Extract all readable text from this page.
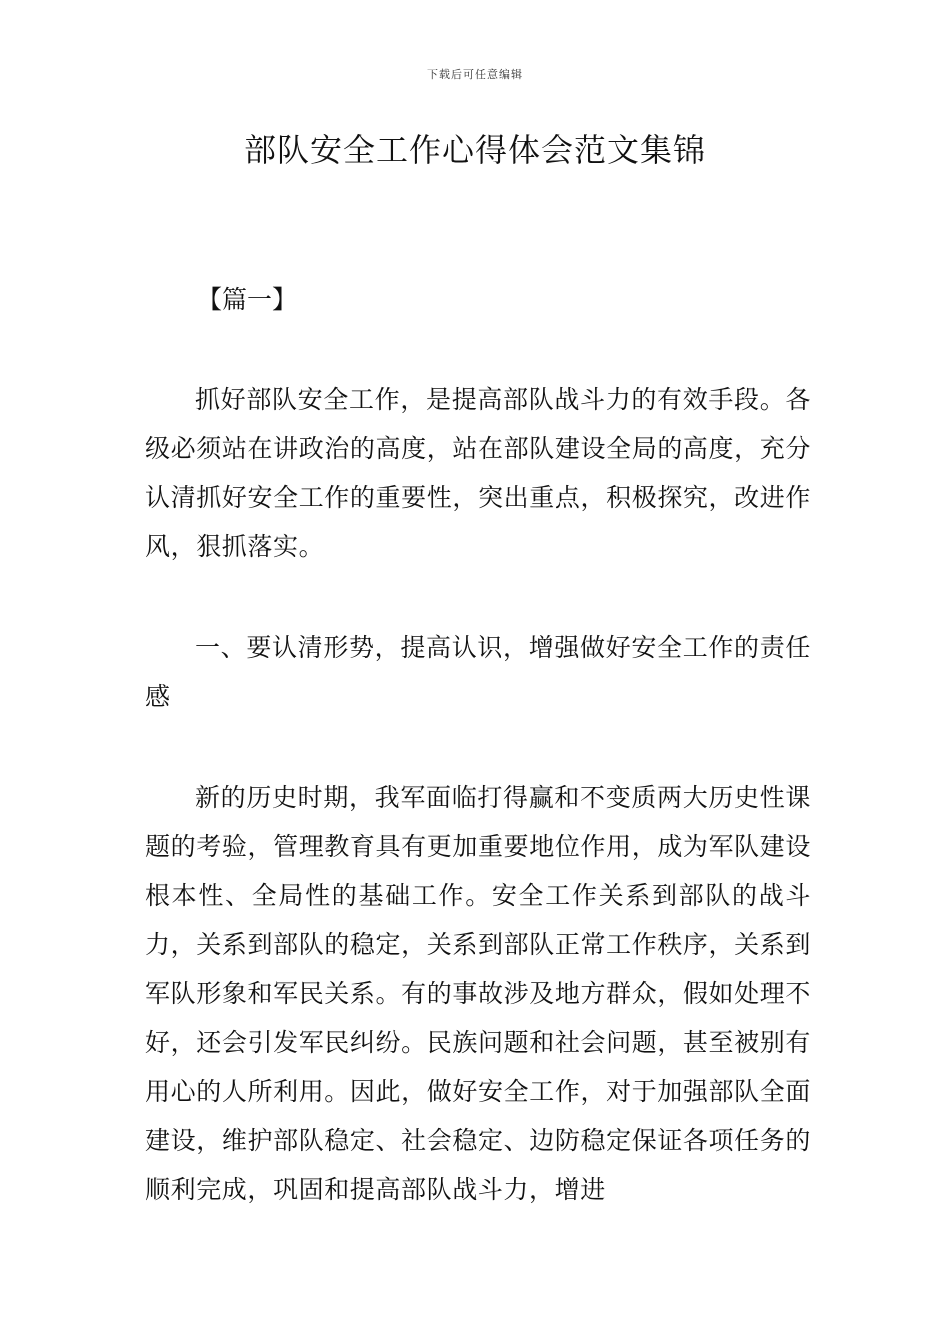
下载后可任意编辑
部队安全工作心得体会范文集锦

【篇一】

抓好部队安全工作，是提高部队战斗力的有效手段。各级必须站在讲政治的高度，站在部队建设全局的高度，充分认清抓好安全工作的重要性，突出重点，积极探究，改进作风，狠抓落实。

一、要认清形势，提高认识，增强做好安全工作的责任感

新的历史时期，我军面临打得赢和不变质两大历史性课题的考验，管理教育具有更加重要地位作用，成为军队建设根本性、全局性的基础工作。安全工作关系到部队的战斗力，关系到部队的稳定，关系到部队正常工作秩序，关系到军队形象和军民关系。有的事故涉及地方群众，假如处理不好，还会引发军民纠纷。民族问题和社会问题，甚至被别有用心的人所利用。因此，做好安全工作，对于加强部队全面建设，维护部队稳定、社会稳定、边防稳定保证各项任务的顺利完成，巩固和提高部队战斗力，增进
